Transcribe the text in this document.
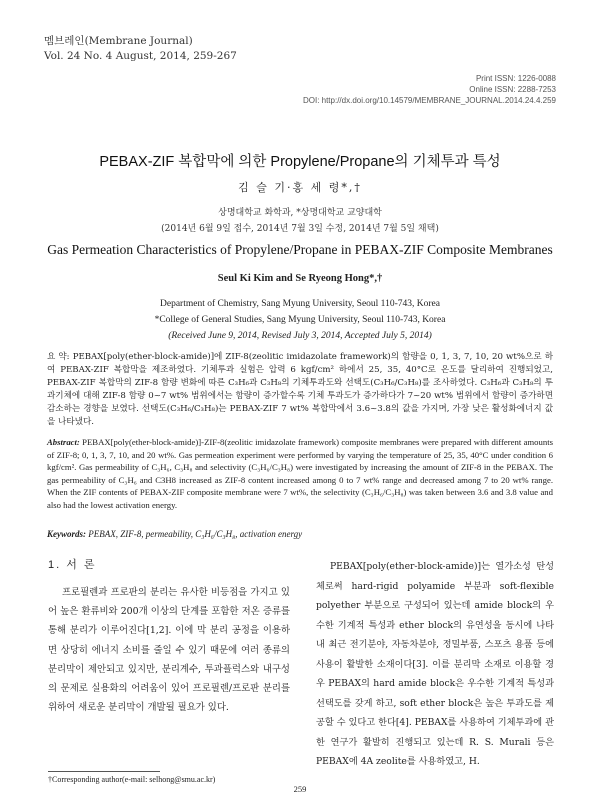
멤브레인(Membrane Journal)
Vol. 24 No. 4 August, 2014, 259-267
Print ISSN: 1226-0088
Online ISSN: 2288-7253
DOI: http://dx.doi.org/10.14579/MEMBRANE_JOURNAL.2014.24.4.259
PEBAX-ZIF 복합막에 의한 Propylene/Propane의 기체투과 특성
김 슬 기·홍 세 령*,†
상명대학교 화학과, *상명대학교 교양대학
(2014년 6월 9일 접수, 2014년 7월 3일 수정, 2014년 7월 5일 채택)
Gas Permeation Characteristics of Propylene/Propane in PEBAX-ZIF Composite Membranes
Seul Ki Kim and Se Ryeong Hong*,†
Department of Chemistry, Sang Myung University, Seoul 110-743, Korea
*College of General Studies, Sang Myung University, Seoul 110-743, Korea
(Received June 9, 2014, Revised July 3, 2014, Accepted July 5, 2014)
요 약: PEBAX[poly(ether-block-amide)]에 ZIF-8(zeolitic imidazolate framework)의 함량을 0, 1, 3, 7, 10, 20 wt%으로 하여 PEBAX-ZIF 복합막을 제조하였다. 기체투과 실험은 압력 6 kgf/cm² 하에서 25, 35, 40°C로 온도를 달리하여 진행되었고, PEBAX-ZIF 복합막의 ZIF-8 함량 변화에 따른 C₃H₆과 C₃H₈의 기체투과도와 선택도(C₃H₆/C₃H₈)를 조사하였다. C₃H₆과 C₃H₈의 투과기체에 대해 ZIF-8 함량 0~7 wt% 범위에서는 함량이 증가할수록 기체 투과도가 증가하다가 7~20 wt% 범위에서 함량이 증가하면 감소하는 경향을 보였다. 선택도(C₃H₆/C₃H₈)는 PEBAX-ZIF 7 wt% 복합막에서 3.6~3.8의 값을 가지며, 가장 낮은 활성화에너지 값을 나타냈다.
Abstract: PEBAX[poly(ether-block-amide)]-ZIF-8(zeolitic imidazolate framework) composite membranes were prepared with different amounts of ZIF-8; 0, 1, 3, 7, 10, and 20 wt%. Gas permeation experiment were performed by varying the temperature of 25, 35, 40°C under condition 6 kgf/cm². Gas permeability of C₃H₆, C₃H₈ and selectivity (C₃H₆/C₃H₈) were investigated by increasing the amount of ZIF-8 in the PEBAX. The gas permeability of C₃H₆ and C3H8 increased as ZIF-8 content increased among 0 to 7 wt% range and decreased among 7 to 20 wt% range. When the ZIF contents of PEBAX-ZIF composite membrane were 7 wt%, the selectivity (C₃H₆/C₃H₈) was taken between 3.6 and 3.8 value and also had the lowest activation energy.
Keywords: PEBAX, ZIF-8, permeability, C₃H₆/C₃H₈, activation energy
1. 서 론

프로필렌과 프로판의 분리는 유사한 비등점을 가지고 있어 높은 환류비와 200개 이상의 단계를 포함한 저온 증류를 통해 분리가 이루어진다[1,2]. 이에 막 분리 공정을 이용하면 상당히 에너지 소비를 줄일 수 있기 때문에 여러 종류의 분리막이 제안되고 있지만, 분리계수, 투과플럭스와 내구성의 문제로 실용화의 어려움이 있어 프로필렌/프로판 분리를 위하여 새로운 분리막이 개발될 필요가 있다.

PEBAX[poly(ether-block-amide)]는 열가소성 탄성체로써 hard-rigid polyamide 부분과 soft-flexible polyether 부분으로 구성되어 있는데 amide block의 우수한 기계적 특성과 ether block의 유연성을 동시에 나타내 최근 전기분야, 자동차분야, 정밀부품, 스포츠 용품 등에 사용이 활발한 소재이다[3]. 이를 분리막 소재로 이용할 경우 PEBAX의 hard amide block은 우수한 기계적 특성과 선택도를 갖게 하고, soft ether block은 높은 투과도를 제공할 수 있다고 한다[4]. PEBAX를 사용하여 기체투과에 관한 연구가 활발히 진행되고 있는데 R. S. Murali 등은 PEBAX에 4A zeolite를 사용하였고, H.

†Corresponding author(e-mail: selhong@smu.ac.kr)
259
